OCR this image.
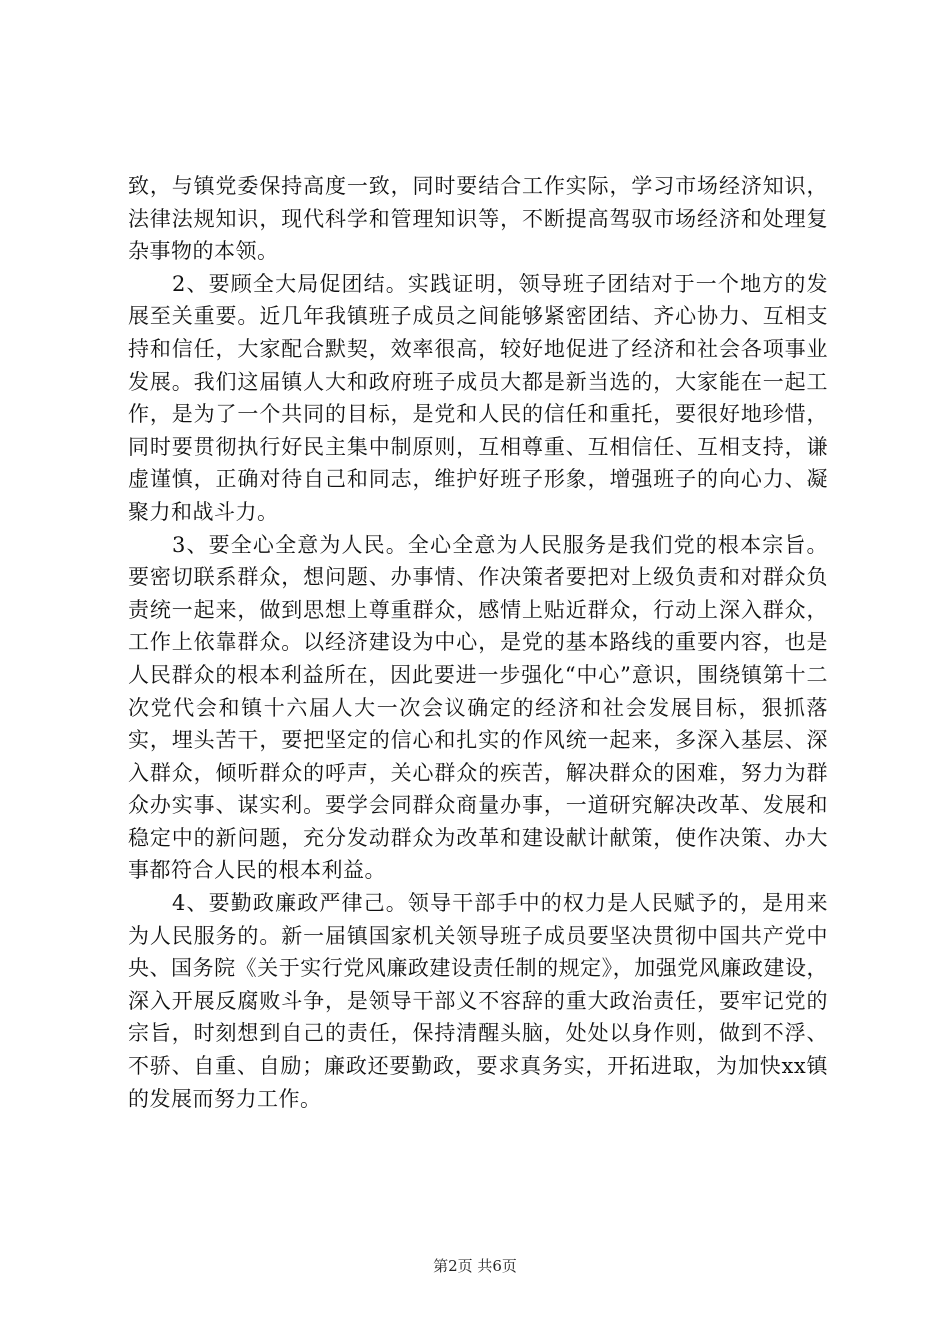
致，与镇党委保持高度一致，同时要结合工作实际，学习市场经济知识，法律法规知识，现代科学和管理知识等，不断提高驾驭市场经济和处理复杂事物的本领。

2、要顾全大局促团结。实践证明，领导班子团结对于一个地方的发展至关重要。近几年我镇班子成员之间能够紧密团结、齐心协力、互相支持和信任，大家配合默契，效率很高，较好地促进了经济和社会各项事业发展。我们这届镇人大和政府班子成员大都是新当选的，大家能在一起工作，是为了一个共同的目标，是党和人民的信任和重托，要很好地珍惜，同时要贯彻执行好民主集中制原则，互相尊重、互相信任、互相支持，谦虚谨慎，正确对待自己和同志，维护好班子形象，增强班子的向心力、凝聚力和战斗力。

3、要全心全意为人民。全心全意为人民服务是我们党的根本宗旨。要密切联系群众，想问题、办事情、作决策者要把对上级负责和对群众负责统一起来，做到思想上尊重群众，感情上贴近群众，行动上深入群众，工作上依靠群众。以经济建设为中心，是党的基本路线的重要内容，也是人民群众的根本利益所在，因此要进一步强化“中心”意识，围绕镇第十二次党代会和镇十六届人大一次会议确定的经济和社会发展目标，狠抓落实，埋头苦干，要把坚定的信心和扎实的作风统一起来，多深入基层、深入群众，倾听群众的呼声，关心群众的疾苦，解决群众的困难，努力为群众办实事、谋实利。要学会同群众商量办事，一道研究解决改革、发展和稳定中的新问题，充分发动群众为改革和建设献计献策，使作决策、办大事都符合人民的根本利益。

4、要勤政廉政严律己。领导干部手中的权力是人民赋予的，是用来为人民服务的。新一届镇国家机关领导班子成员要坚决贯彻中国共产党中央、国务院《关于实行党风廉政建设责任制的规定》，加强党风廉政建设，深入开展反腐败斗争，是领导干部义不容辞的重大政治责任，要牢记党的宗旨，时刻想到自己的责任，保持清醒头脑，处处以身作则，做到不浮、不骄、自重、自励；廉政还要勤政，要求真务实，开拓进取，为加快xx镇的发展而努力工作。

第2页 共6页
